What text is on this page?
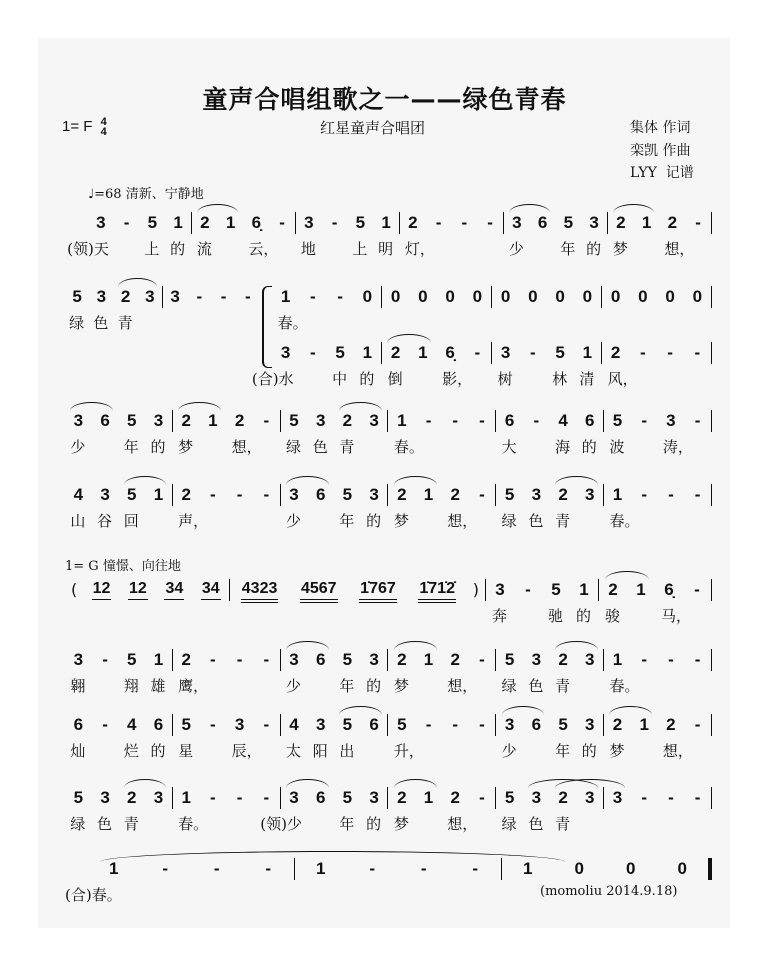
童声合唱组歌之一——绿色青春
1= F 4
4	红星童声合唱团	集体 作词
栾凯 作曲
LYY  记谱
♩=68 清新、宁静地
1= G 憧憬、向往地
(momoliu 2014.9.18)
3
(领)天
-	5
上
1
的
2
流
1 6̣
云，
-	3
地
-	5
上
1
明
2
灯，
-	-	-	3
少
6 5
年
3
的
2
梦
1 2
想，
-
5
绿
3
色
2
青
3 3 -	-	-	1
春。
-	-	0	0	0	0	0	0	0	0	0	0	0	0	0
3
(合)水
-	5
中
1
的
2
倒
1	6̣
影，
-	3
树
-	5
林
1
清
2
风，
-	-	-
3
少
6	5
年
3
的
2
梦
1	2
想，
-	5
绿
3
色
2
青
3	1
春。
-	-	-	6
大
-	4
海
6
的
5
波
-	3
涛，
-
4
山
3
谷
5
回
1	2
声，
-	-	-	3
少
6	5
年
3
的
2
梦
1	2
想，
-	5
绿
3
色
2
青
3	1
春。
-	-	-
( 12	12	34	34	4323	4567	1̇767	1̇71̇2̇	) 3
奔
-	5
驰
1
的
2
骏
1	6̣
马，
-
3
翱
-	5
翔
1
雄
2
鹰，
-	-	-	3
少
6	5
年
3
的
2
梦
1	2
想，
-	5
绿
3
色
2
青
3	1
春。
-	-	-
6
灿
-	4
烂
6
的
5
星
-	3
辰，
-	4
太
3
阳
5
出
6	5
升，
-	-	-	3
少
6	5
年
3
的
2
梦
1	2
想，
-
5
绿
3
色
2
青
3	1
春。
-	-	-	3
(领)少
6	5
年
3
的
2
梦
1	2
想，
-	5
绿
3
色
2
青
3	3	-	-	-
1
(合)春。
-	-	-	1	-	-	-	1	0	0	0
